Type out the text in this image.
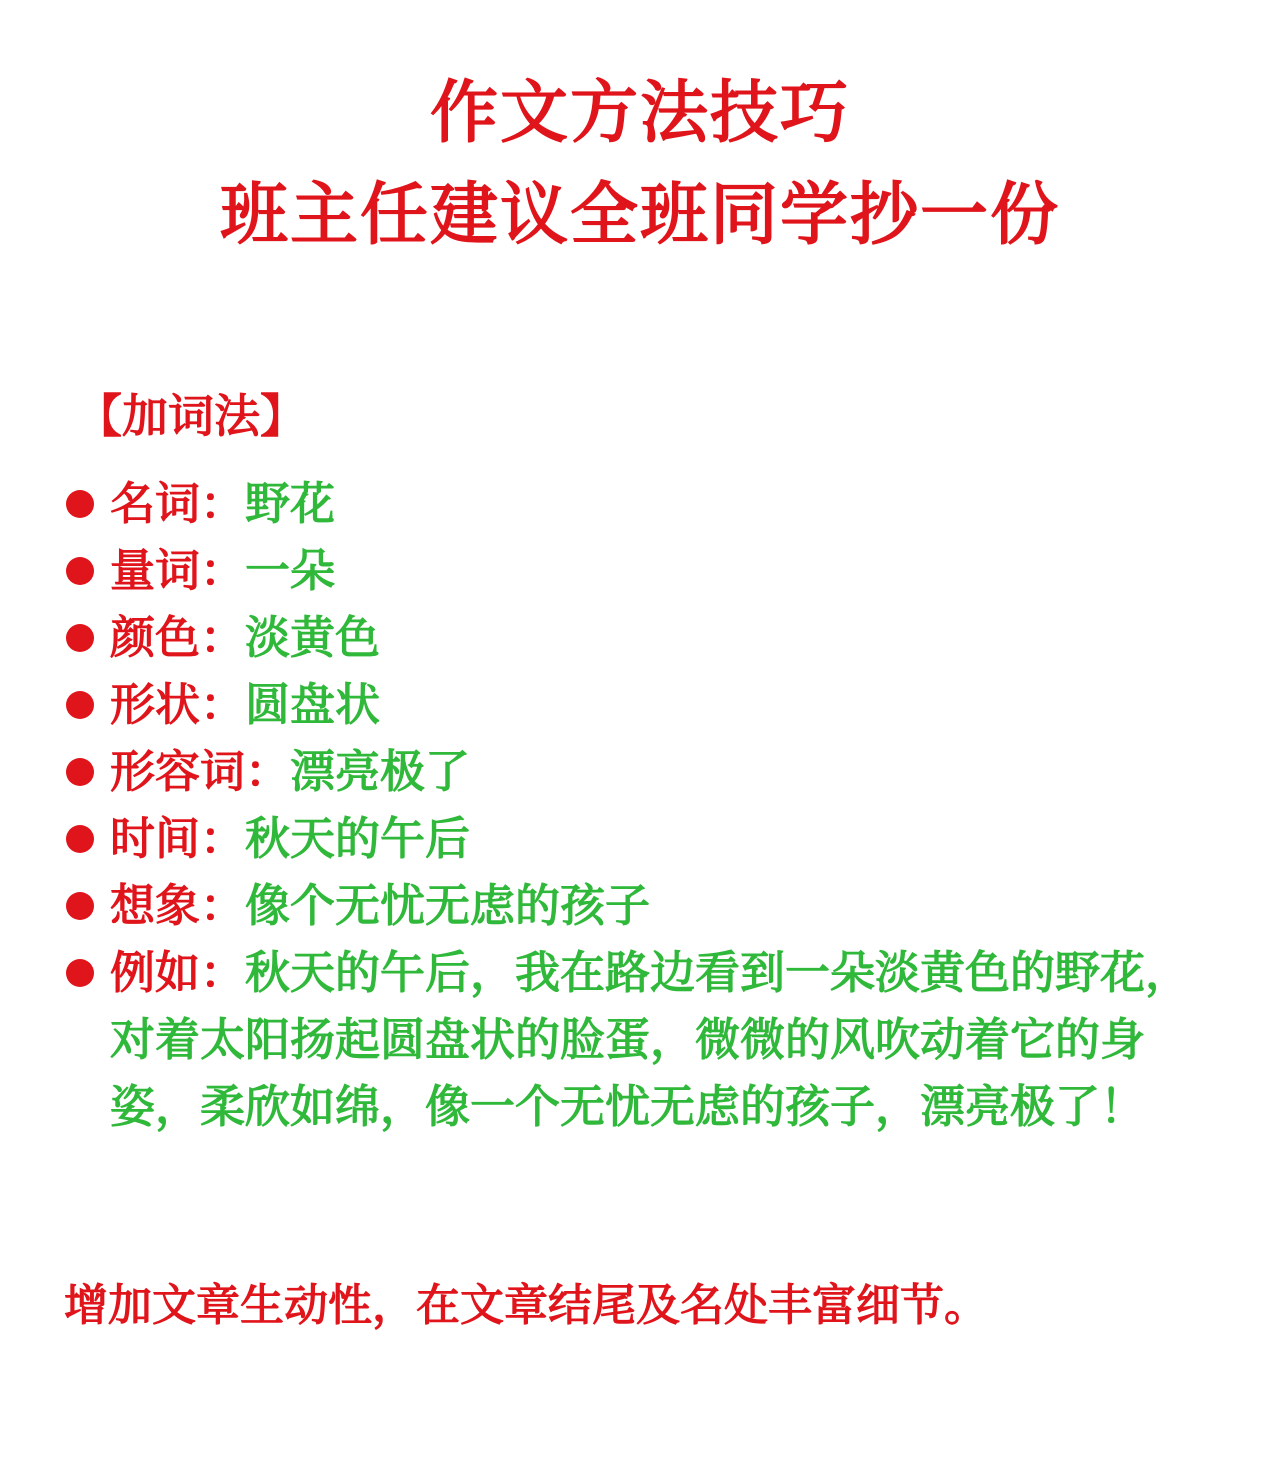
作文方法技巧
班主任建议全班同学抄一份
【加词法】
名词：野花
量词：一朵
颜色：淡黄色
形状：圆盘状
形容词：漂亮极了
时间：秋天的午后
想象：像个无忧无虑的孩子
例如：秋天的午后，我在路边看到一朵淡黄色的野花，对着太阳扬起圆盘状的脸蛋，微微的风吹动着它的身姿，柔欣如绵，像一个无忧无虑的孩子，漂亮极了！
增加文章生动性，在文章结尾及名处丰富细节。
